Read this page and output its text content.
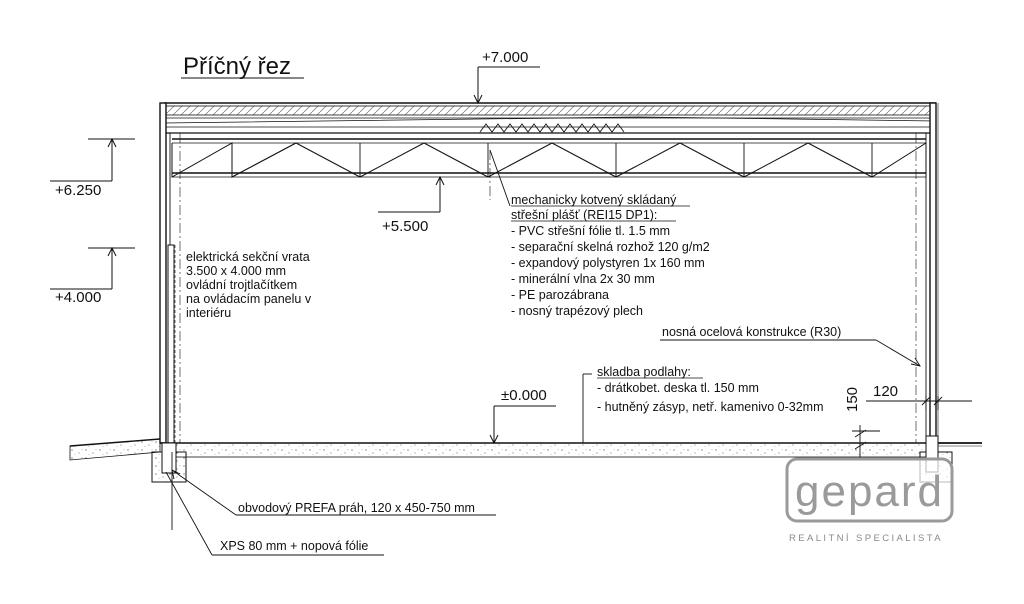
Příčný řez	+7.000
+6.250
+5.500
+4.000
±0.000
mechanicky kotvený skládaný
střešní plášť (REI15 DP1):
- PVC střešní fólie tl. 1.5 mm
- separační skelná rozhož 120 g/m2
- expandový polystyren 1x 160 mm
- minerální vlna 2x 30 mm
- PE parozábrana
- nosný trapézový plech
elektrická sekční vrata
3.500 x 4.000 mm
ovládní trojtlačítkem
na ovládacím panelu v
interiéru
nosná ocelová konstrukce (R30)
skladba podlahy:
- drátkobet. deska tl. 150 mm
- hutněný zásyp, netř. kamenivo 0-32mm 150 120
obvodový PREFA práh, 120 x 450-750 mm
XPS 80 mm + nopová fólie
gepard
REALITNÍ SPECIALISTA
